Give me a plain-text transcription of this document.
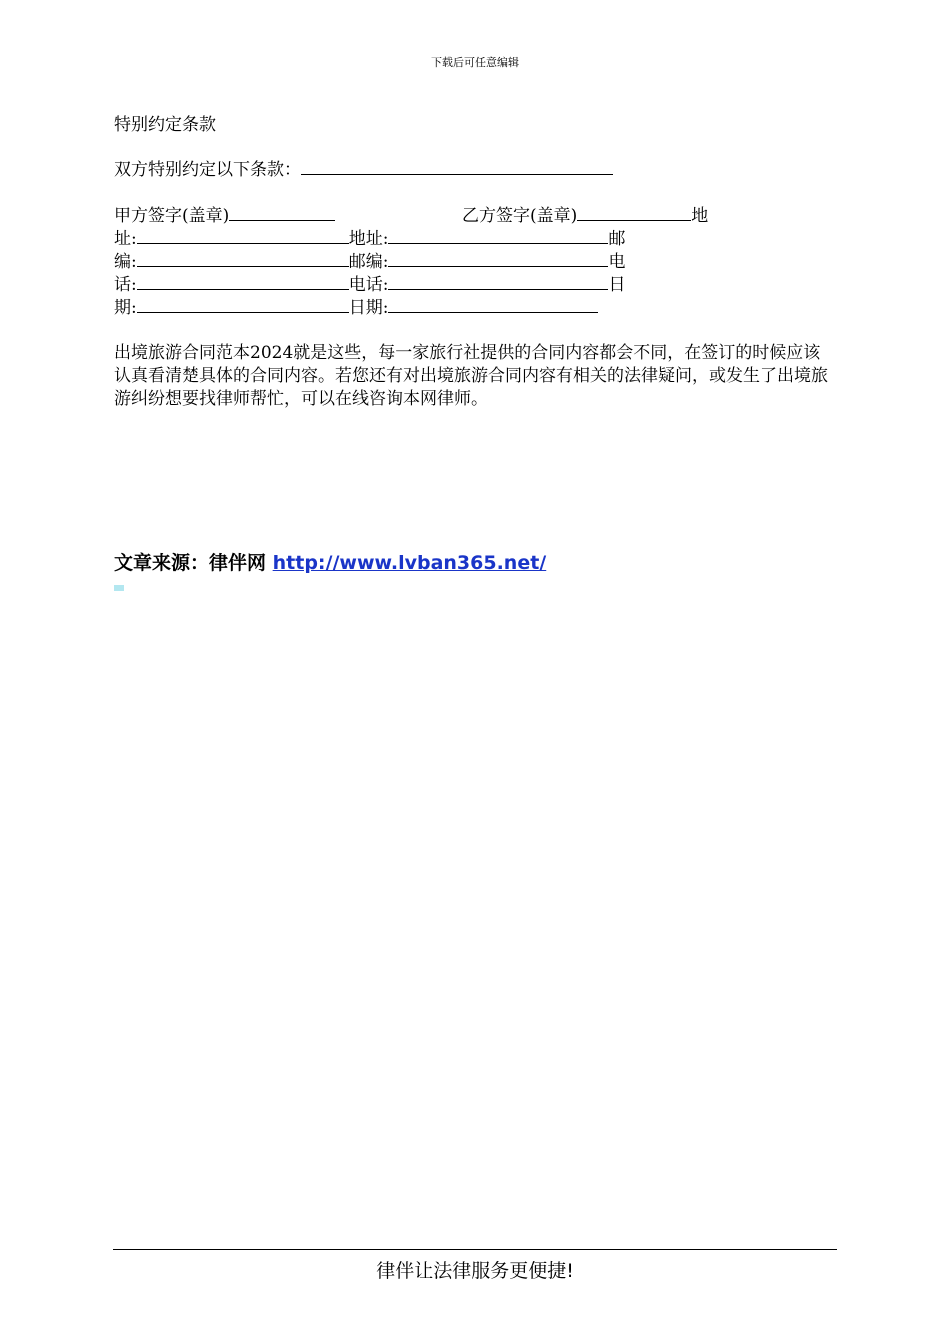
下载后可任意编辑
特别约定条款
双方特别约定以下条款：
甲方签字(盖章)	乙方签字(盖章)	地
址:	地址:	邮
编:	邮编:	电
话:	电话:	日
期:	日期:
出境旅游合同范本2024就是这些，每一家旅行社提供的合同内容都会不同，在签订的时候应该认真看清楚具体的合同内容。若您还有对出境旅游合同内容有相关的法律疑问，或发生了出境旅游纠纷想要找律师帮忙，可以在线咨询本网律师。
文章来源：律伴网 http://www.lvban365.net/
律伴让法律服务更便捷!
